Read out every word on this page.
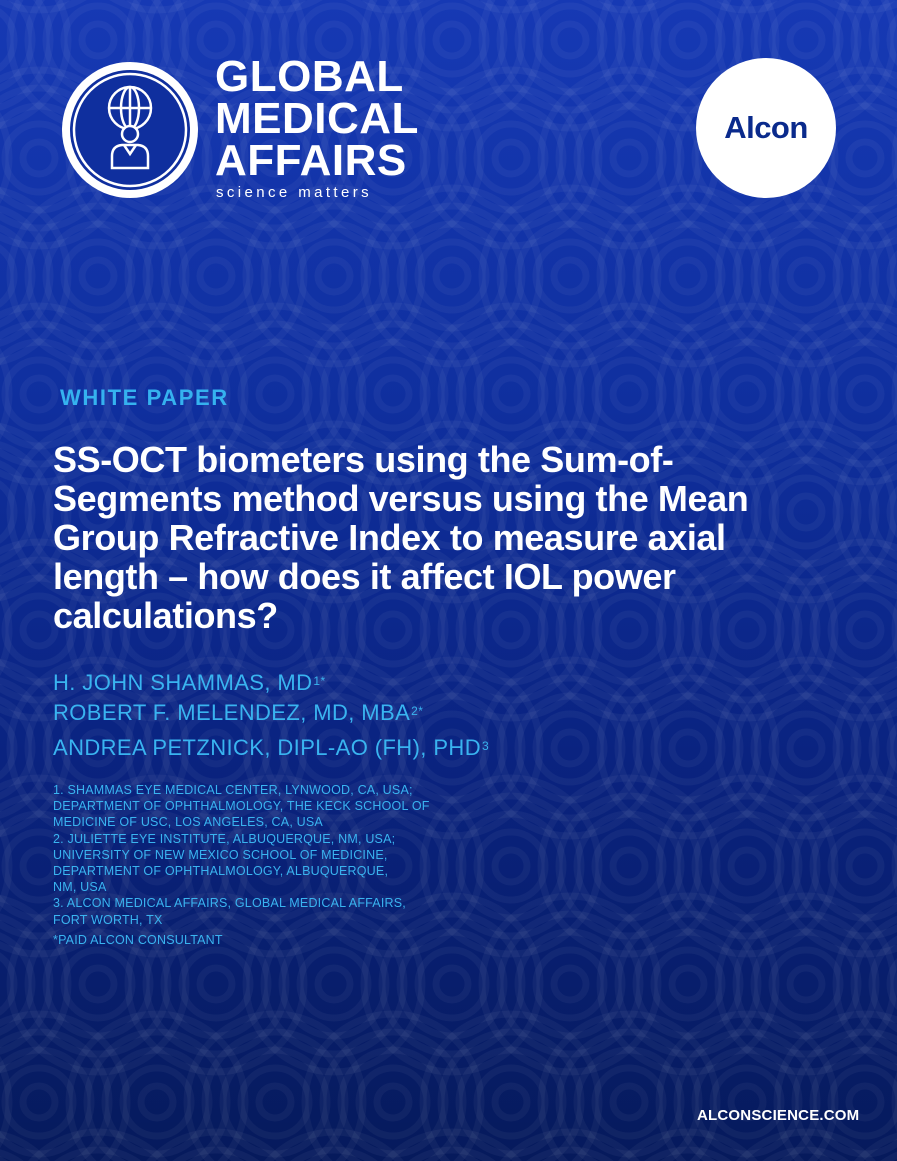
GLOBAL
MEDICAL
AFFAIRS
science matters
Alcon
WHITE PAPER
SS-OCT biometers using the Sum-of-Segments method versus using the Mean Group Refractive Index to measure axial length – how does it affect IOL power calculations?
H. JOHN SHAMMAS, $MD^{1*}$
ROBERT F. MELENDEZ, MD, $MBA^{2*}$
ANDREA PETZNICK, DIPL-AO (FH), PHD$^3$
1. SHAMMAS EYE MEDICAL CENTER, LYNWOOD, CA, USA;
DEPARTMENT OF OPHTHALMOLOGY, THE KECK SCHOOL OF
MEDICINE OF USC, LOS ANGELES, CA, USA
2. JULIETTE EYE INSTITUTE, ALBUQUERQUE, NM, USA;
UNIVERSITY OF NEW MEXICO SCHOOL OF MEDICINE,
DEPARTMENT OF OPHTHALMOLOGY, ALBUQUERQUE,
NM, USA
3. ALCON MEDICAL AFFAIRS, GLOBAL MEDICAL AFFAIRS,
FORT WORTH, TX
*PAID ALCON CONSULTANT
ALCONSCIENCE.COM
